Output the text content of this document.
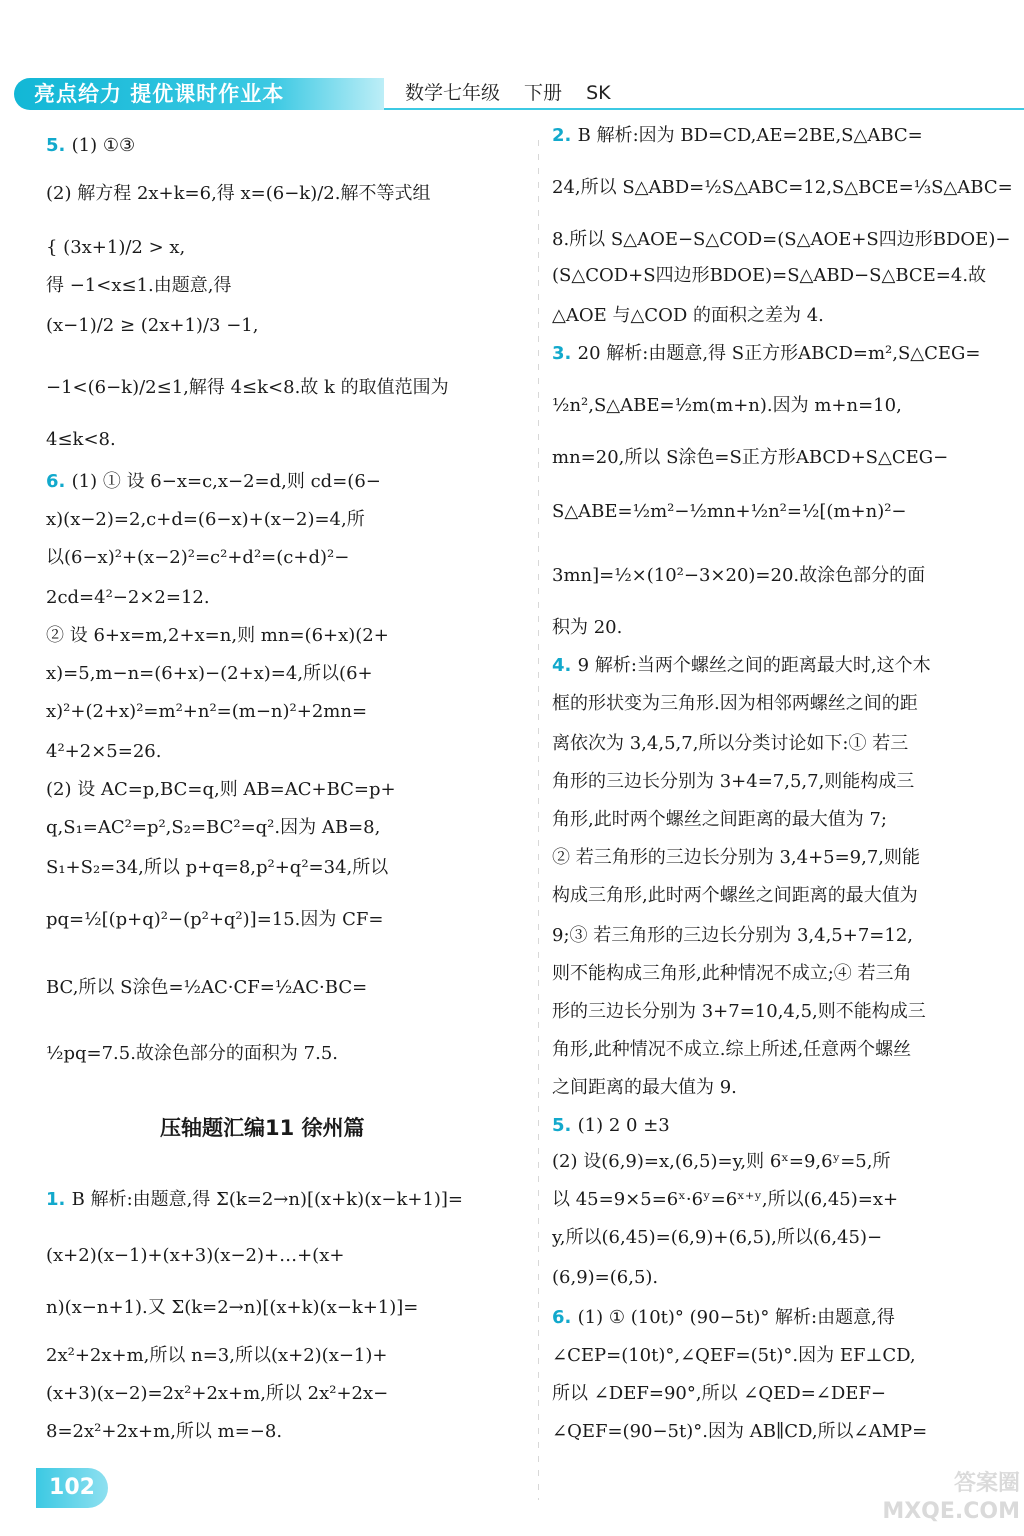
亮点给力 提优课时作业本	数学七年级 下册 SK
5. (1) ①③
(2) 解方程 2x+k=6,得 x=(6−k)/2.解不等式组
{ (3x+1)/2 > x,
得 −1<x≤1.由题意,得
(x−1)/2 ≥ (2x+1)/3 −1,
−1<(6−k)/2≤1,解得 4≤k<8.故 k 的取值范围为
4≤k<8.
6. (1) ① 设 6−x=c,x−2=d,则 cd=(6−
x)(x−2)=2,c+d=(6−x)+(x−2)=4,所
以(6−x)²+(x−2)²=c²+d²=(c+d)²−
2cd=4²−2×2=12.
② 设 6+x=m,2+x=n,则 mn=(6+x)(2+
x)=5,m−n=(6+x)−(2+x)=4,所以(6+
x)²+(2+x)²=m²+n²=(m−n)²+2mn=
4²+2×5=26.
(2) 设 AC=p,BC=q,则 AB=AC+BC=p+
q,S₁=AC²=p²,S₂=BC²=q².因为 AB=8,
S₁+S₂=34,所以 p+q=8,p²+q²=34,所以
pq=½[(p+q)²−(p²+q²)]=15.因为 CF=
BC,所以 S涂色=½AC·CF=½AC·BC=
½pq=7.5.故涂色部分的面积为 7.5.
1. B 解析:由题意,得 Σ(k=2→n)[(x+k)(x−k+1)]=
(x+2)(x−1)+(x+3)(x−2)+…+(x+
n)(x−n+1).又 Σ(k=2→n)[(x+k)(x−k+1)]=
2x²+2x+m,所以 n=3,所以(x+2)(x−1)+
(x+3)(x−2)=2x²+2x+m,所以 2x²+2x−
8=2x²+2x+m,所以 m=−8.
压轴题汇编11 徐州篇
2. B 解析:因为 BD=CD,AE=2BE,S△ABC=
24,所以 S△ABD=½S△ABC=12,S△BCE=⅓S△ABC=
8.所以 S△AOE−S△COD=(S△AOE+S四边形BDOE)−
(S△COD+S四边形BDOE)=S△ABD−S△BCE=4.故
△AOE 与△COD 的面积之差为 4.
3. 20 解析:由题意,得 S正方形ABCD=m²,S△CEG=
½n²,S△ABE=½m(m+n).因为 m+n=10,
mn=20,所以 S涂色=S正方形ABCD+S△CEG−
S△ABE=½m²−½mn+½n²=½[(m+n)²−
3mn]=½×(10²−3×20)=20.故涂色部分的面
积为 20.
4. 9 解析:当两个螺丝之间的距离最大时,这个木
框的形状变为三角形.因为相邻两螺丝之间的距
离依次为 3,4,5,7,所以分类讨论如下:① 若三
角形的三边长分别为 3+4=7,5,7,则能构成三
角形,此时两个螺丝之间距离的最大值为 7;
② 若三角形的三边长分别为 3,4+5=9,7,则能
构成三角形,此时两个螺丝之间距离的最大值为
9;③ 若三角形的三边长分别为 3,4,5+7=12,
则不能构成三角形,此种情况不成立;④ 若三角
形的三边长分别为 3+7=10,4,5,则不能构成三
角形,此种情况不成立.综上所述,任意两个螺丝
之间距离的最大值为 9.
5. (1) 2 0 ±3
(2) 设(6,9)=x,(6,5)=y,则 6ˣ=9,6ʸ=5,所
以 45=9×5=6ˣ·6ʸ=6ˣ⁺ʸ,所以(6,45)=x+
y,所以(6,45)=(6,9)+(6,5),所以(6,45)−
(6,9)=(6,5).
6. (1) ① (10t)° (90−5t)° 解析:由题意,得
∠CEP=(10t)°,∠QEF=(5t)°.因为 EF⊥CD,
所以 ∠DEF=90°,所以 ∠QED=∠DEF−
∠QEF=(90−5t)°.因为 AB∥CD,所以∠AMP=
102	答案圈 MXQE.COM
